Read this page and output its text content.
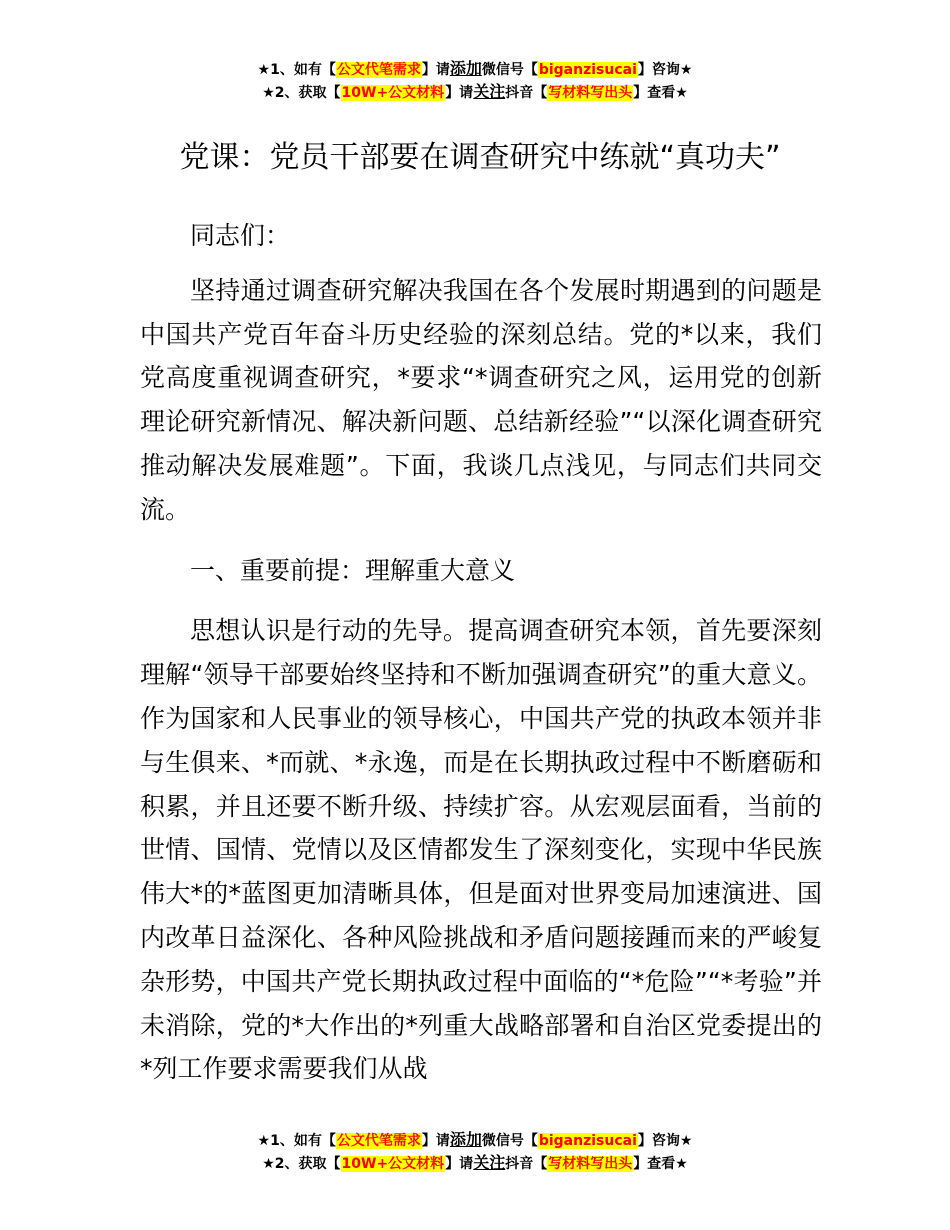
★1、如有【公文代笔需求】请添加微信号【biganzisucai】咨询★
★2、获取【10W+公文材料】请关注抖音【写材料写出头】查看★
党课：党员干部要在调查研究中练就“真功夫”

同志们：

坚持通过调查研究解决我国在各个发展时期遇到的问题是中国共产党百年奋斗历史经验的深刻总结。党的*以来，我们党高度重视调查研究，*要求“*调查研究之风，运用党的创新理论研究新情况、解决新问题、总结新经验”“以深化调查研究推动解决发展难题”。下面，我谈几点浅见，与同志们共同交流。

一、重要前提：理解重大意义

思想认识是行动的先导。提高调查研究本领，首先要深刻理解“领导干部要始终坚持和不断加强调查研究”的重大意义。作为国家和人民事业的领导核心，中国共产党的执政本领并非与生俱来、*而就、*永逸，而是在长期执政过程中不断磨砺和积累，并且还要不断升级、持续扩容。从宏观层面看，当前的世情、国情、党情以及区情都发生了深刻变化，实现中华民族伟大*的*蓝图更加清晰具体，但是面对世界变局加速演进、国内改革日益深化、各种风险挑战和矛盾问题接踵而来的严峻复杂形势，中国共产党长期执政过程中面临的“*危险”“*考验”并未消除，党的*大作出的*列重大战略部署和自治区党委提出的*列工作要求需要我们从战

★1、如有【公文代笔需求】请添加微信号【biganzisucai】咨询★
★2、获取【10W+公文材料】请关注抖音【写材料写出头】查看★
